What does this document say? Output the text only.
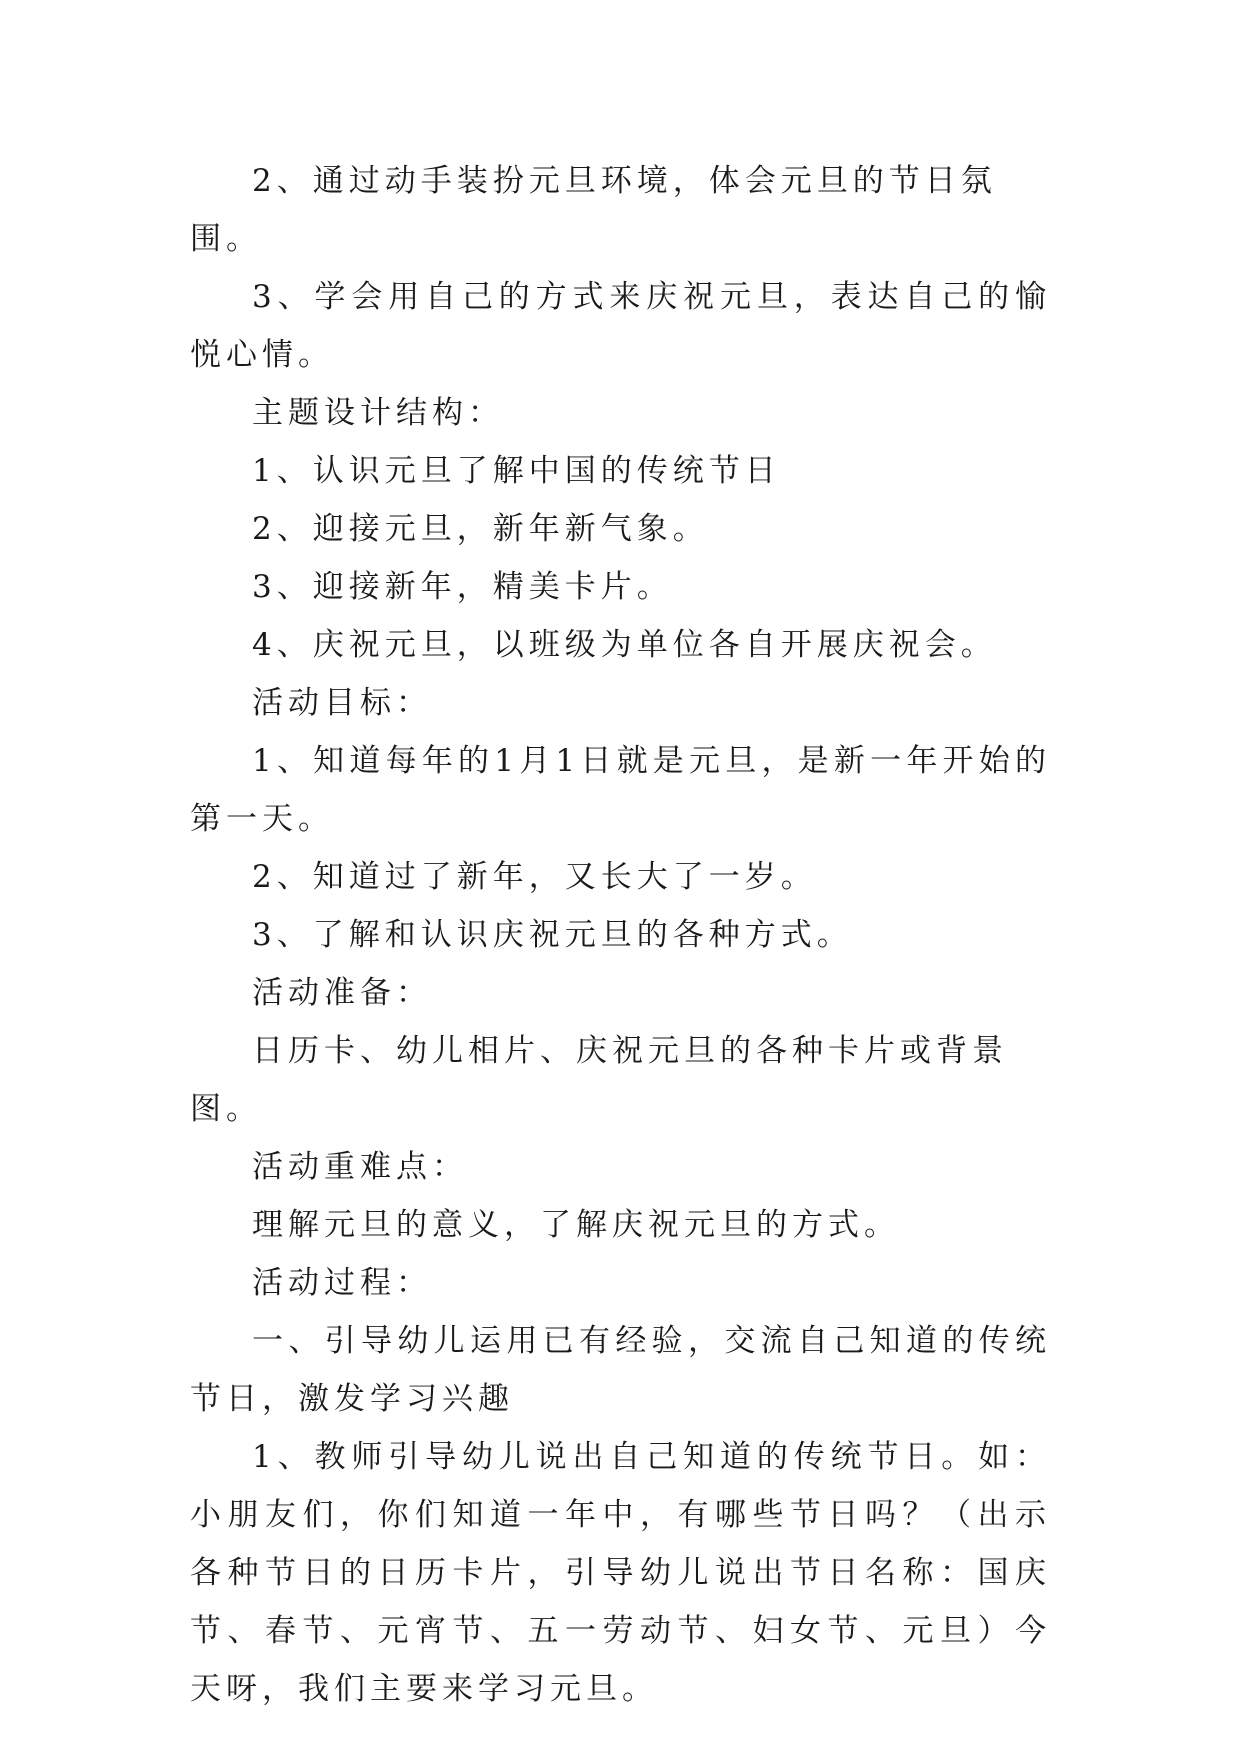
2、通过动手装扮元旦环境，体会元旦的节日氛围。

3、学会用自己的方式来庆祝元旦，表达自己的愉悦心情。

主题设计结构：

1、认识元旦了解中国的传统节日

2、迎接元旦，新年新气象。

3、迎接新年，精美卡片。

4、庆祝元旦，以班级为单位各自开展庆祝会。

活动目标：

1、知道每年的1月1日就是元旦，是新一年开始的第一天。

2、知道过了新年，又长大了一岁。

3、了解和认识庆祝元旦的各种方式。

活动准备：

日历卡、幼儿相片、庆祝元旦的各种卡片或背景图。

活动重难点：

理解元旦的意义，了解庆祝元旦的方式。

活动过程：

一、引导幼儿运用已有经验，交流自己知道的传统节日，激发学习兴趣

1、教师引导幼儿说出自己知道的传统节日。如：小朋友们，你们知道一年中，有哪些节日吗？（出示各种节日的日历卡片，引导幼儿说出节日名称：国庆节、春节、元宵节、五一劳动节、妇女节、元旦）今天呀，我们主要来学习元旦。
